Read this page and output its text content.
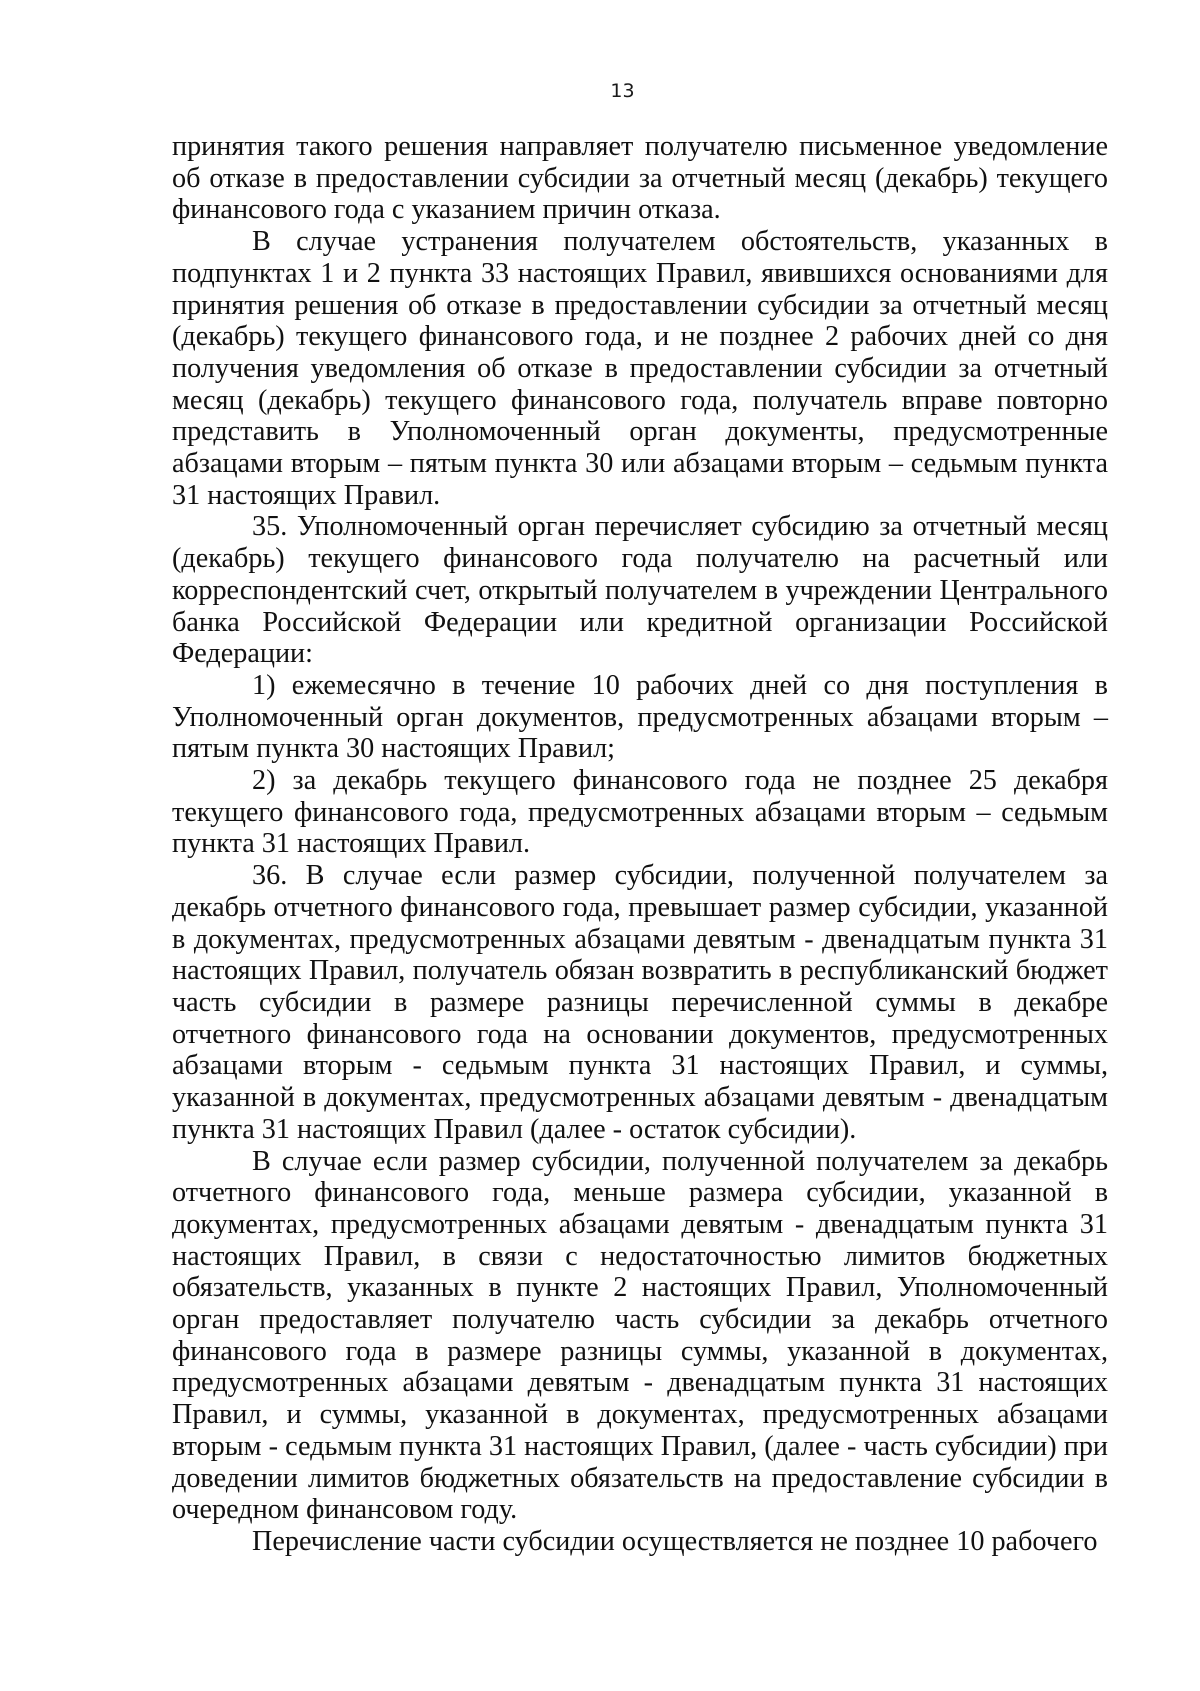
13

принятия такого решения направляет получателю письменное уведомление об отказе в предоставлении субсидии за отчетный месяц (декабрь) текущего финансового года с указанием причин отказа.

В случае устранения получателем обстоятельств, указанных в подпунктах 1 и 2 пункта 33 настоящих Правил, явившихся основаниями для принятия решения об отказе в предоставлении субсидии за отчетный месяц (декабрь) текущего финансового года, и не позднее 2 рабочих дней со дня получения уведомления об отказе в предоставлении субсидии за отчетный месяц (декабрь) текущего финансового года, получатель вправе повторно представить в Уполномоченный орган документы, предусмотренные абзацами вторым – пятым пункта 30 или абзацами вторым – седьмым пункта 31 настоящих Правил.

35. Уполномоченный орган перечисляет субсидию за отчетный месяц (декабрь) текущего финансового года получателю на расчетный или корреспондентский счет, открытый получателем в учреждении Центрального банка Российской Федерации или кредитной организации Российской Федерации:

1) ежемесячно в течение 10 рабочих дней со дня поступления в Уполномоченный орган документов, предусмотренных абзацами вторым – пятым пункта 30 настоящих Правил;

2) за декабрь текущего финансового года не позднее 25 декабря текущего финансового года, предусмотренных абзацами вторым – седьмым пункта 31 настоящих Правил.

36. В случае если размер субсидии, полученной получателем за декабрь отчетного финансового года, превышает размер субсидии, указанной в документах, предусмотренных абзацами девятым - двенадцатым пункта 31 настоящих Правил, получатель обязан возвратить в республиканский бюджет часть субсидии в размере разницы перечисленной суммы в декабре отчетного финансового года на основании документов, предусмотренных абзацами вторым - седьмым пункта 31 настоящих Правил, и суммы, указанной в документах, предусмотренных абзацами девятым - двенадцатым пункта 31 настоящих Правил (далее - остаток субсидии).

В случае если размер субсидии, полученной получателем за декабрь отчетного финансового года, меньше размера субсидии, указанной в документах, предусмотренных абзацами девятым - двенадцатым пункта 31 настоящих Правил, в связи с недостаточностью лимитов бюджетных обязательств, указанных в пункте 2 настоящих Правил, Уполномоченный орган предоставляет получателю часть субсидии за декабрь отчетного финансового года в размере разницы суммы, указанной в документах, предусмотренных абзацами девятым - двенадцатым пункта 31 настоящих Правил, и суммы, указанной в документах, предусмотренных абзацами вторым - седьмым пункта 31 настоящих Правил, (далее - часть субсидии) при доведении лимитов бюджетных обязательств на предоставление субсидии в очередном финансовом году.

Перечисление части субсидии осуществляется не позднее 10 рабочего
